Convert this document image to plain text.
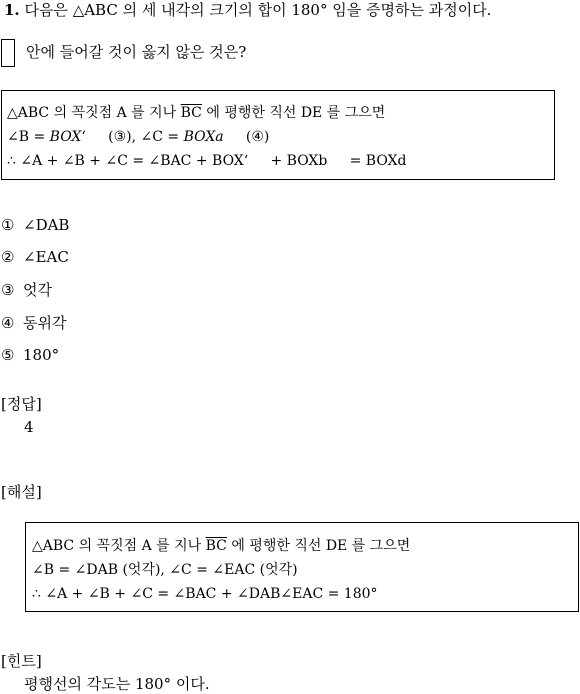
1. 다음은 △ABC 의 세 내각의 크기의 합이 180° 임을 증명하는 과정이다.
안에 들어갈 것이 옳지 않은 것은?
△ABC 의 꼭짓점 A 를 지나 $\overline{BC}$ 에 평행한 직선 DE 를 그으면
∠B = BOX‘     (③), ∠C = BOXa     (④)
∴ ∠A + ∠B + ∠C = ∠BAC + BOX‘     + BOXb     = BOXd
① ∠DAB
② ∠EAC
③ 엇각
④ 동위각
⑤ 180°
[정답]
4
[해설]
△ABC 의 꼭짓점 A 를 지나 $\overline{BC}$ 에 평행한 직선 DE 를 그으면
∠B = ∠DAB (엇각), ∠C = ∠EAC (엇각)
∴ ∠A + ∠B + ∠C = ∠BAC + ∠DAB∠EAC = 180°
[힌트]
평행선의 각도는 180° 이다.
